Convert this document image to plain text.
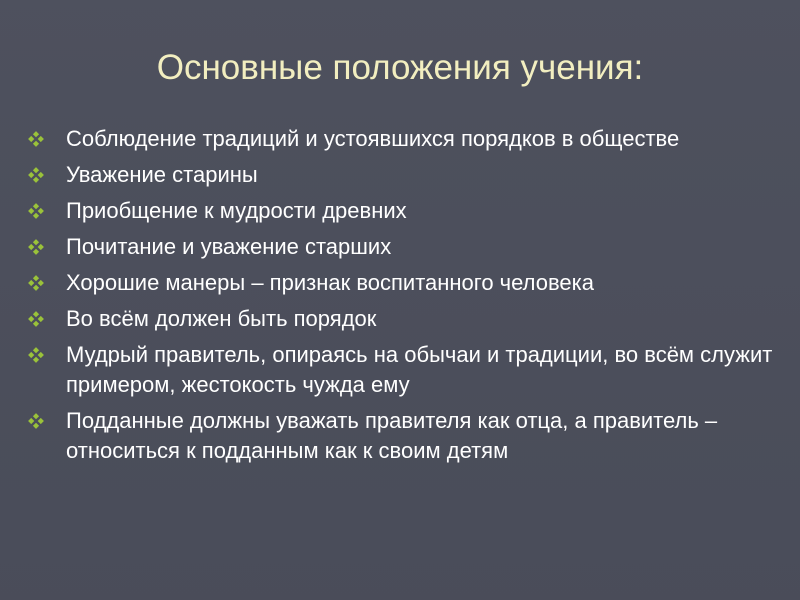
Основные положения учения:
Соблюдение традиций и устоявшихся порядков в обществе
Уважение старины
Приобщение к мудрости древних
Почитание и уважение старших
Хорошие манеры – признак воспитанного человека
Во всём должен быть порядок
Мудрый правитель, опираясь на обычаи и традиции, во всём служит примером, жестокость чужда ему
Подданные должны уважать правителя как отца, а правитель – относиться к подданным как к своим детям
